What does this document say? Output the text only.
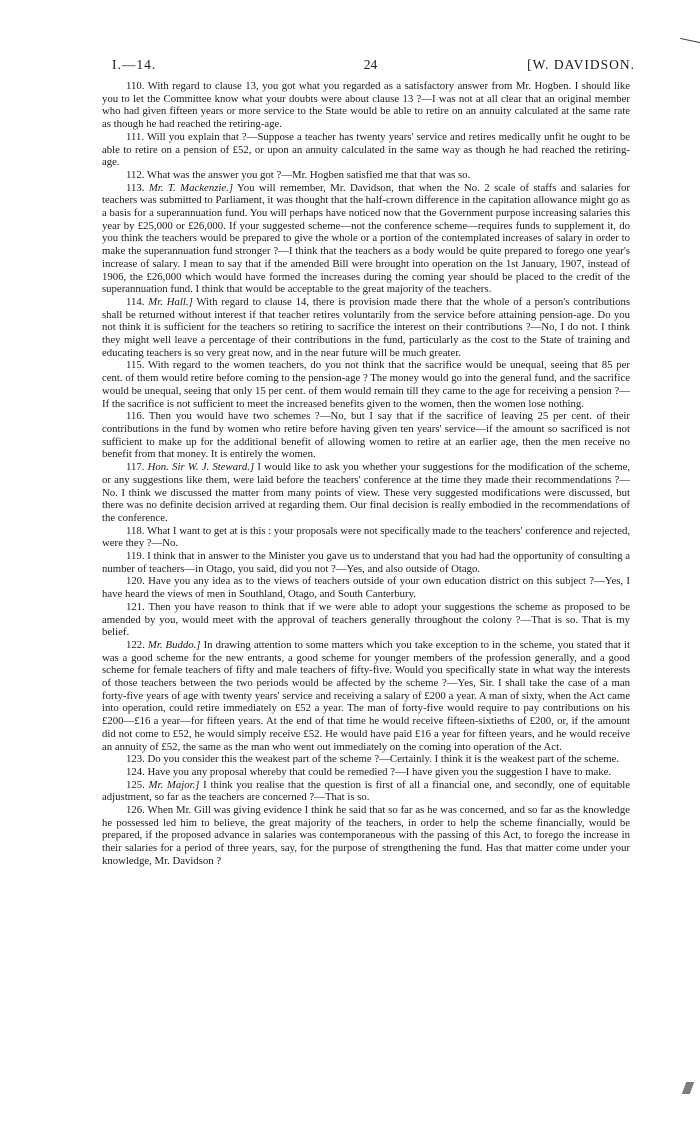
I.—14.	24	[W. DAVIDSON.

110. With regard to clause 13, you got what you regarded as a satisfactory answer from Mr. Hogben. I should like you to let the Committee know what your doubts were about clause 13 ?—I was not at all clear that an original member who had given fifteen years or more service to the State would be able to retire on an annuity calculated at the same rate as though he had reached the retiring-age.

111. Will you explain that ?—Suppose a teacher has twenty years' service and retires medically unfit he ought to be able to retire on a pension of £52, or upon an annuity calculated in the same way as though he had reached the retiring-age.

112. What was the answer you got ?—Mr. Hogben satisfied me that that was so.

113. Mr. T. Mackenzie.] You will remember, Mr. Davidson, that when the No. 2 scale of staffs and salaries for teachers was submitted to Parliament, it was thought that the half-crown difference in the capitation allowance might go as a basis for a superannuation fund. You will perhaps have noticed now that the Government purpose increasing salaries this year by £25,000 or £26,000. If your suggested scheme—not the conference scheme—requires funds to supplement it, do you think the teachers would be prepared to give the whole or a portion of the contemplated increases of salary in order to make the superannuation fund stronger ?—I think that the teachers as a body would be quite prepared to forego one year's increase of salary. I mean to say that if the amended Bill were brought into operation on the 1st January, 1907, instead of 1906, the £26,000 which would have formed the increases during the coming year should be placed to the credit of the superannuation fund. I think that would be acceptable to the great majority of the teachers.

114. Mr. Hall.] With regard to clause 14, there is provision made there that the whole of a person's contributions shall be returned without interest if that teacher retires voluntarily from the service before attaining pension-age. Do you not think it is sufficient for the teachers so retiring to sacrifice the interest on their contributions ?—No, I do not. I think they might well leave a percentage of their contributions in the fund, particularly as the cost to the State of training and educating teachers is so very great now, and in the near future will be much greater.

115. With regard to the women teachers, do you not think that the sacrifice would be unequal, seeing that 85 per cent. of them would retire before coming to the pension-age ? The money would go into the general fund, and the sacrifice would be unequal, seeing that only 15 per cent. of them would remain till they came to the age for receiving a pension ?—If the sacrifice is not sufficient to meet the increased benefits given to the women, then the women lose nothing.

116. Then you would have two schemes ?—No, but I say that if the sacrifice of leaving 25 per cent. of their contributions in the fund by women who retire before having given ten years' service—if the amount so sacrificed is not sufficient to make up for the additional benefit of allowing women to retire at an earlier age, then the men receive no benefit from that money. It is entirely the women.

117. Hon. Sir W. J. Steward.] I would like to ask you whether your suggestions for the modification of the scheme, or any suggestions like them, were laid before the teachers' conference at the time they made their recommendations ?—No. I think we discussed the matter from many points of view. These very suggested modifications were discussed, but there was no definite decision arrived at regarding them. Our final decision is really embodied in the recommendations of the conference.

118. What I want to get at is this : your proposals were not specifically made to the teachers' conference and rejected, were they ?—No.

119. I think that in answer to the Minister you gave us to understand that you had had the opportunity of consulting a number of teachers—in Otago, you said, did you not ?—Yes, and also outside of Otago.

120. Have you any idea as to the views of teachers outside of your own education district on this subject ?—Yes, I have heard the views of men in Southland, Otago, and South Canterbury.

121. Then you have reason to think that if we were able to adopt your suggestions the scheme as proposed to be amended by you, would meet with the approval of teachers generally throughout the colony ?—That is so. That is my belief.

122. Mr. Buddo.] In drawing attention to some matters which you take exception to in the scheme, you stated that it was a good scheme for the new entrants, a good scheme for younger members of the profession generally, and a good scheme for female teachers of fifty and male teachers of fifty-five. Would you specifically state in what way the interests of those teachers between the two periods would be affected by the scheme ?—Yes, Sir. I shall take the case of a man forty-five years of age with twenty years' service and receiving a salary of £200 a year. A man of sixty, when the Act came into operation, could retire immediately on £52 a year. The man of forty-five would require to pay contributions on his £200—£16 a year—for fifteen years. At the end of that time he would receive fifteen-sixtieths of £200, or, if the amount did not come to £52, he would simply receive £52. He would have paid £16 a year for fifteen years, and he would receive an annuity of £52, the same as the man who went out immediately on the coming into operation of the Act.

123. Do you consider this the weakest part of the scheme ?—Certainly. I think it is the weakest part of the scheme.

124. Have you any proposal whereby that could be remedied ?—I have given you the suggestion I have to make.

125. Mr. Major.] I think you realise that the question is first of all a financial one, and secondly, one of equitable adjustment, so far as the teachers are concerned ?—That is so.

126. When Mr. Gill was giving evidence I think he said that so far as he was concerned, and so far as the knowledge he possessed led him to believe, the great majority of the teachers, in order to help the scheme financially, would be prepared, if the proposed advance in salaries was contemporaneous with the passing of this Act, to forego the increase in their salaries for a period of three years, say, for the purpose of strengthening the fund. Has that matter come under your knowledge, Mr. Davidson ?
